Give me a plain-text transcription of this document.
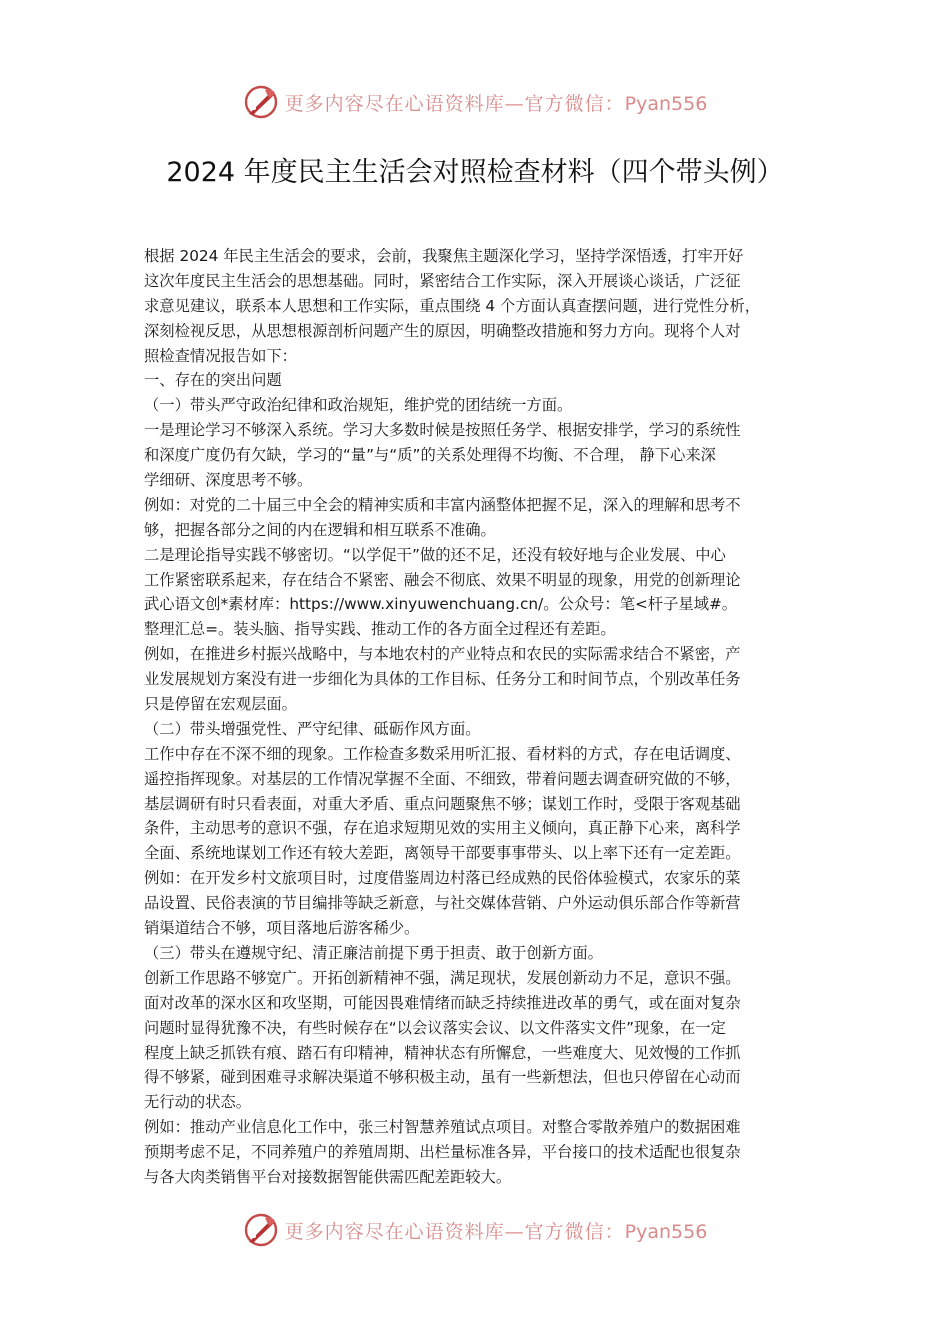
更多内容尽在心语资料库—官方微信：Pyan556
2024 年度民主生活会对照检查材料（四个带头例）
根据 2024 年民主生活会的要求，会前，我聚焦主题深化学习，坚持学深悟透，打牢开好
这次年度民主生活会的思想基础。同时，紧密结合工作实际，深入开展谈心谈话，广泛征
求意见建议，联系本人思想和工作实际，重点围绕 4 个方面认真查摆问题，进行党性分析，
深刻检视反思，从思想根源剖析问题产生的原因，明确整改措施和努力方向。现将个人对
照检查情况报告如下：
一、存在的突出问题
（一）带头严守政治纪律和政治规矩，维护党的团结统一方面。
一是理论学习不够深入系统。学习大多数时候是按照任务学、根据安排学，学习的系统性
和深度广度仍有欠缺，学习的“量”与“质”的关系处理得不均衡、不合理， 静下心来深
学细研、深度思考不够。
例如：对党的二十届三中全会的精神实质和丰富内涵整体把握不足，深入的理解和思考不
够，把握各部分之间的内在逻辑和相互联系不准确。
二是理论指导实践不够密切。“以学促干”做的还不足，还没有较好地与企业发展、中心
工作紧密联系起来，存在结合不紧密、融会不彻底、效果不明显的现象，用党的创新理论
武心语文创*素材库：https://www.xinyuwenchuang.cn/。公众号：笔<杆子星域#。
整理汇总=。装头脑、指导实践、推动工作的各方面全过程还有差距。
例如，在推进乡村振兴战略中，与本地农村的产业特点和农民的实际需求结合不紧密，产
业发展规划方案没有进一步细化为具体的工作目标、任务分工和时间节点，个别改革任务
只是停留在宏观层面。
（二）带头增强党性、严守纪律、砥砺作风方面。
工作中存在不深不细的现象。工作检查多数采用听汇报、看材料的方式，存在电话调度、
遥控指挥现象。对基层的工作情况掌握不全面、不细致，带着问题去调查研究做的不够，
基层调研有时只看表面，对重大矛盾、重点问题聚焦不够；谋划工作时，受限于客观基础
条件，主动思考的意识不强，存在追求短期见效的实用主义倾向，真正静下心来，离科学
全面、系统地谋划工作还有较大差距，离领导干部要事事带头、以上率下还有一定差距。
例如：在开发乡村文旅项目时，过度借鉴周边村落已经成熟的民俗体验模式，农家乐的菜
品设置、民俗表演的节目编排等缺乏新意，与社交媒体营销、户外运动俱乐部合作等新营
销渠道结合不够，项目落地后游客稀少。
（三）带头在遵规守纪、清正廉洁前提下勇于担责、敢于创新方面。
创新工作思路不够宽广。开拓创新精神不强，满足现状，发展创新动力不足，意识不强。
面对改革的深水区和攻坚期，可能因畏难情绪而缺乏持续推进改革的勇气，或在面对复杂
问题时显得犹豫不决，有些时候存在“以会议落实会议、以文件落实文件”现象，在一定
程度上缺乏抓铁有痕、踏石有印精神，精神状态有所懈怠，一些难度大、见效慢的工作抓
得不够紧，碰到困难寻求解决渠道不够积极主动，虽有一些新想法，但也只停留在心动而
无行动的状态。
例如：推动产业信息化工作中，张三村智慧养殖试点项目。对整合零散养殖户的数据困难
预期考虑不足，不同养殖户的养殖周期、出栏量标准各异，平台接口的技术适配也很复杂
与各大肉类销售平台对接数据智能供需匹配差距较大。
更多内容尽在心语资料库—官方微信：Pyan556
